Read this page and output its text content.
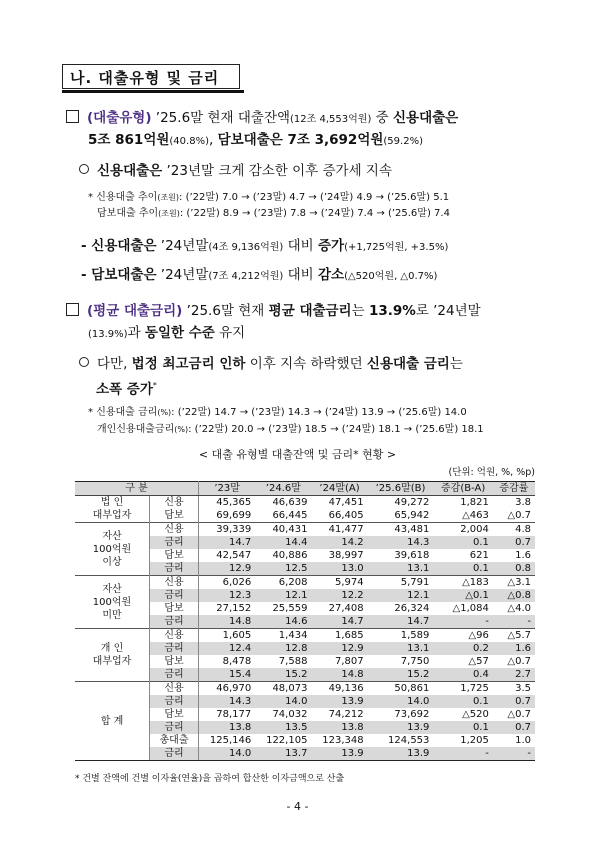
나. 대출유형 및 금리
(대출유형) ’25.6말 현재 대출잔액(12조 4,553억원) 중 신용대출은
5조 861억원(40.8%), 담보대출은 7조 3,692억원(59.2%)
신용대출은 ’23년말 크게 감소한 이후 증가세 지속
* 신용대출 추이(조원): (’22말) 7.0 → (’23말) 4.7 → (’24말) 4.9 → (’25.6말) 5.1
담보대출 추이(조원): (’22말) 8.9 → (’23말) 7.8 → (’24말) 7.4 → (’25.6말) 7.4
- 신용대출은 ’24년말(4조 9,136억원) 대비 증가(+1,725억원, +3.5%)
- 담보대출은 ’24년말(7조 4,212억원) 대비 감소(△520억원, △0.7%)
(평균 대출금리) ’25.6말 현재 평균 대출금리는 13.9%로 ’24년말
(13.9%)과 동일한 수준 유지
다만, 법정 최고금리 인하 이후 지속 하락했던 신용대출 금리는
소폭 증가*
* 신용대출 금리(%): (’22말) 14.7 → (’23말) 14.3 → (’24말) 13.9 → (’25.6말) 14.0
개인신용대출금리(%): (’22말) 20.0 → (’23말) 18.5 → (’24말) 18.1 → (’25.6말) 18.1
< 대출 유형별 대출잔액 및 금리* 현황 >
(단위: 억원, %, %p)
구 분		’23말	’24.6말	’24말(A)	’25.6말(B)	증감(B-A)	증감률
법 인
대부업자	신용	45,365	46,639	47,451	49,272	1,821	3.8
	담보	69,699	66,445	66,405	65,942	△463	△0.7
자산
100억원
이상	신용	39,339	40,431	41,477	43,481	2,004	4.8
	금리	14.7	14.4	14.2	14.3	0.1	0.7
	담보	42,547	40,886	38,997	39,618	621	1.6
	금리	12.9	12.5	13.0	13.1	0.1	0.8
자산
100억원
미만	신용	6,026	6,208	5,974	5,791	△183	△3.1
	금리	12.3	12.1	12.2	12.1	△0.1	△0.8
	담보	27,152	25,559	27,408	26,324	△1,084	△4.0
	금리	14.8	14.6	14.7	14.7	-	-
개 인
대부업자	신용	1,605	1,434	1,685	1,589	△96	△5.7
	금리	12.4	12.8	12.9	13.1	0.2	1.6
	담보	8,478	7,588	7,807	7,750	△57	△0.7
	금리	15.4	15.2	14.8	15.2	0.4	2.7
합 계	신용	46,970	48,073	49,136	50,861	1,725	3.5
	금리	14.3	14.0	13.9	14.0	0.1	0.7
	담보	78,177	74,032	74,212	73,692	△520	△0.7
	금리	13.8	13.5	13.8	13.9	0.1	0.7
	총대출	125,146	122,105	123,348	124,553	1,205	1.0
	금리	14.0	13.7	13.9	13.9	-	-
* 건별 잔액에 건별 이자율(연율)을 곱하여 합산한 이자금액으로 산출
- 4 -
